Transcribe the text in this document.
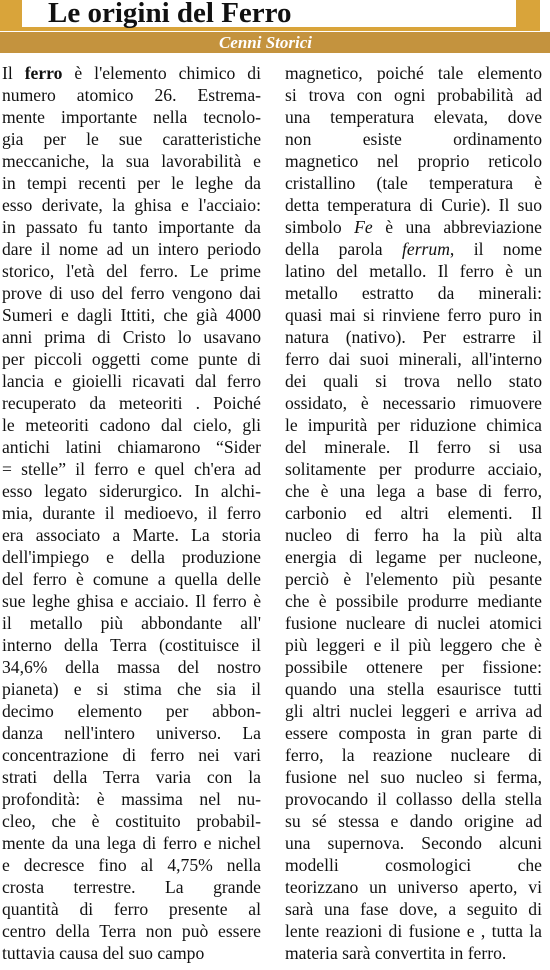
Le origini del Ferro
Cenni Storici
Il ferro è l'elemento chimico di
numero atomico 26. Estrema-
mente importante nella tecnolo-
gia per le sue caratteristiche
meccaniche, la sua lavorabilità e
in tempi recenti per le leghe da
esso derivate, la ghisa e l'acciaio:
in passato fu tanto importante da
dare il nome ad un intero periodo
storico, l'età del ferro. Le prime
prove di uso del ferro vengono dai
Sumeri e dagli Ittiti, che già 4000
anni prima di Cristo lo usavano
per piccoli oggetti come punte di
lancia e gioielli ricavati dal ferro
recuperato da meteoriti . Poiché
le meteoriti cadono dal cielo, gli
antichi latini chiamarono “Sider
= stelle” il ferro e quel ch'era ad
esso legato siderurgico. In alchi-
mia, durante il medioevo, il ferro
era associato a Marte. La storia
dell'impiego e della produzione
del ferro è comune a quella delle
sue leghe ghisa e acciaio. Il ferro è
il metallo più abbondante all'
interno della Terra (costituisce il
34,6% della massa del nostro
pianeta) e si stima che sia il
decimo elemento per abbon-
danza nell'intero universo. La
concentrazione di ferro nei vari
strati della Terra varia con la
profondità: è massima nel nu-
cleo, che è costituito probabil-
mente da una lega di ferro e nichel
e decresce fino al 4,75% nella
crosta terrestre. La grande
quantità di ferro presente al
centro della Terra non può essere
tuttavia causa del suo campo
magnetico, poiché tale elemento
si trova con ogni probabilità ad
una temperatura elevata, dove
non esiste ordinamento
magnetico nel proprio reticolo
cristallino (tale temperatura è
detta temperatura di Curie). Il suo
simbolo Fe è una abbreviazione
della parola ferrum, il nome
latino del metallo. Il ferro è un
metallo estratto da minerali:
quasi mai si rinviene ferro puro in
natura (nativo). Per estrarre il
ferro dai suoi minerali, all'interno
dei quali si trova nello stato
ossidato, è necessario rimuovere
le impurità per riduzione chimica
del minerale. Il ferro si usa
solitamente per produrre acciaio,
che è una lega a base di ferro,
carbonio ed altri elementi. Il
nucleo di ferro ha la più alta
energia di legame per nucleone,
perciò è l'elemento più pesante
che è possibile produrre mediante
fusione nucleare di nuclei atomici
più leggeri e il più leggero che è
possibile ottenere per fissione:
quando una stella esaurisce tutti
gli altri nuclei leggeri e arriva ad
essere composta in gran parte di
ferro, la reazione nucleare di
fusione nel suo nucleo si ferma,
provocando il collasso della stella
su sé stessa e dando origine ad
una supernova. Secondo alcuni
modelli cosmologici che
teorizzano un universo aperto, vi
sarà una fase dove, a seguito di
lente reazioni di fusione e , tutta la
materia sarà convertita in ferro.
